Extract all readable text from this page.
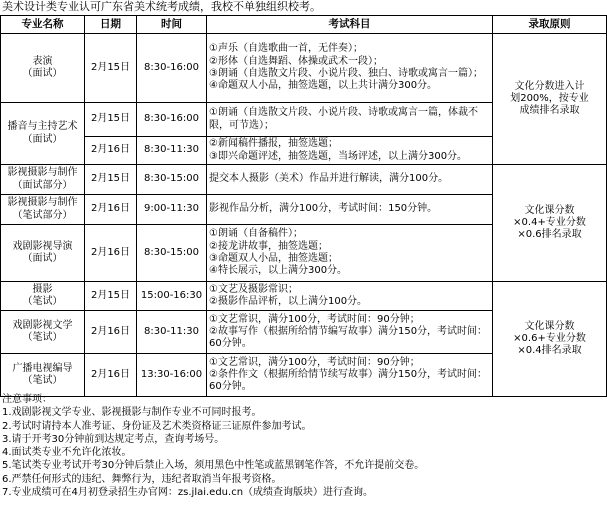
美术设计类专业认可广东省美术统考成绩，我校不单独组织校考。
专业名称	日期	时间	考试科目	录取原则

表演
（面试）	2月15日	8:30-16:00	①声乐（自选歌曲一首，无伴奏）；
②形体（自选舞蹈、体操或武术一段）；
③朗诵（自选散文片段、小说片段、独白、诗歌或寓言一篇）；
④命题双人小品，抽签选题，以上共计满分300分。	文化分数进入计
划200%，按专业
成绩排名录取

播音与主持艺术
（面试）	2月15日	8:30-16:00	①朗诵（自选散文片段、小说片段、诗歌或寓言一篇，体裁不限，可节选）；	

	2月16日	8:30-11:30	②新闻稿件播报，抽签选题；
③即兴命题评述，抽签选题，当场评述，以上满分300分。	

影视摄影与制作
（面试部分）	2月15日	8:30-15:00	提交本人摄影（美术）作品并进行解读，满分100分。	文化课分数
×0.4+专业分数
×0.6排名录取

影视摄影与制作
（笔试部分）	2月16日	9:00-11:30	影视作品分析，满分100分，考试时间：150分钟。	

戏剧影视导演
（面试）	2月16日	8:30-15:00	①朗诵（自备稿件）；
②接龙讲故事，抽签选题；
③命题双人小品，抽签选题；
④特长展示，以上满分300分。	

摄影
（笔试）	2月15日	15:00-16:30	①文艺及摄影常识；
②摄影作品评析，以上满分100分。	文化课分数
×0.6+专业分数
×0.4排名录取

戏剧影视文学
（笔试）	2月16日	8:30-11:30	①文艺常识，满分100分，考试时间：90分钟；
②故事写作（根据所给情节编写故事）满分150分，考试时间：60分钟。	

广播电视编导
（笔试）	2月16日	13:30-16:00	①文艺常识，满分100分，考试时间：90分钟；
②条件作文（根据所给情节续写故事）满分150分，考试时间：60分钟。	
注意事项：
1.戏剧影视文学专业、影视摄影与制作专业不可同时报考。
2.考试时请持本人准考证、身份证及艺术类资格证三证原件参加考试。
3.请于开考30分钟前到达规定考点，查询考场号。
4.面试类专业不允许化浓妆。
5.笔试类专业考试开考30分钟后禁止入场，须用黑色中性笔或蓝黑钢笔作答，不允许提前交卷。
6.严禁任何形式的违纪、舞弊行为，违纪者取消当年报考资格。
7.专业成绩可在4月初登录招生办官网：zs.jlai.edu.cn（成绩查询版块）进行查询。
